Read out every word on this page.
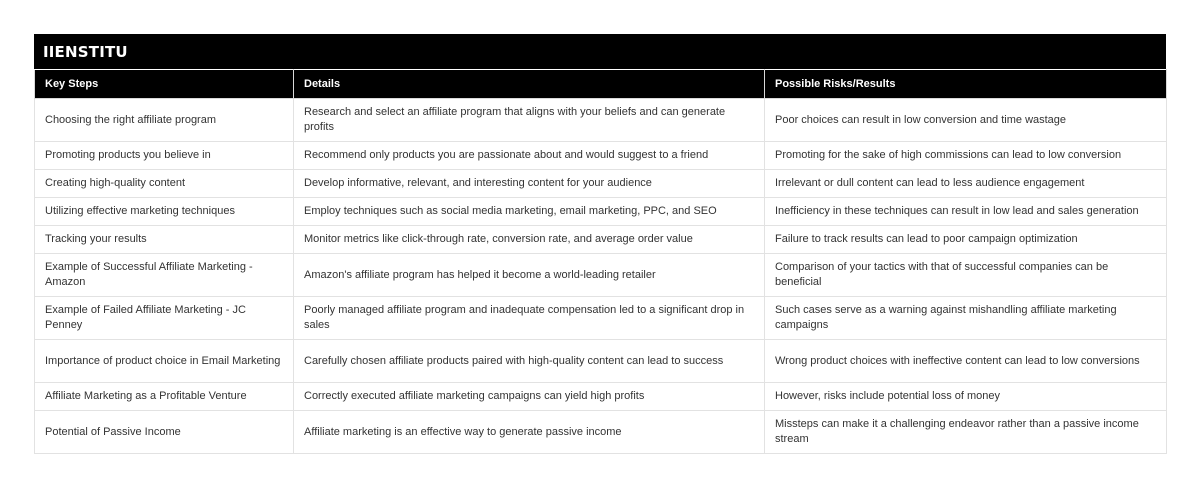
IIENSTITU
Key Steps	Details	Possible Risks/Results
Choosing the right affiliate program	Research and select an affiliate program that aligns with your beliefs and can generate profits	Poor choices can result in low conversion and time wastage
Promoting products you believe in	Recommend only products you are passionate about and would suggest to a friend	Promoting for the sake of high commissions can lead to low conversion
Creating high-quality content	Develop informative, relevant, and interesting content for your audience	Irrelevant or dull content can lead to less audience engagement
Utilizing effective marketing techniques	Employ techniques such as social media marketing, email marketing, PPC, and SEO	Inefficiency in these techniques can result in low lead and sales generation
Tracking your results	Monitor metrics like click-through rate, conversion rate, and average order value	Failure to track results can lead to poor campaign optimization
Example of Successful Affiliate Marketing - Amazon	Amazon's affiliate program has helped it become a world-leading retailer	Comparison of your tactics with that of successful companies can be beneficial
Example of Failed Affiliate Marketing - JC Penney	Poorly managed affiliate program and inadequate compensation led to a significant drop in sales	Such cases serve as a warning against mishandling affiliate marketing campaigns
Importance of product choice in Email Marketing	Carefully chosen affiliate products paired with high-quality content can lead to success	Wrong product choices with ineffective content can lead to low conversions
Affiliate Marketing as a Profitable Venture	Correctly executed affiliate marketing campaigns can yield high profits	However, risks include potential loss of money
Potential of Passive Income	Affiliate marketing is an effective way to generate passive income	Missteps can make it a challenging endeavor rather than a passive income stream
